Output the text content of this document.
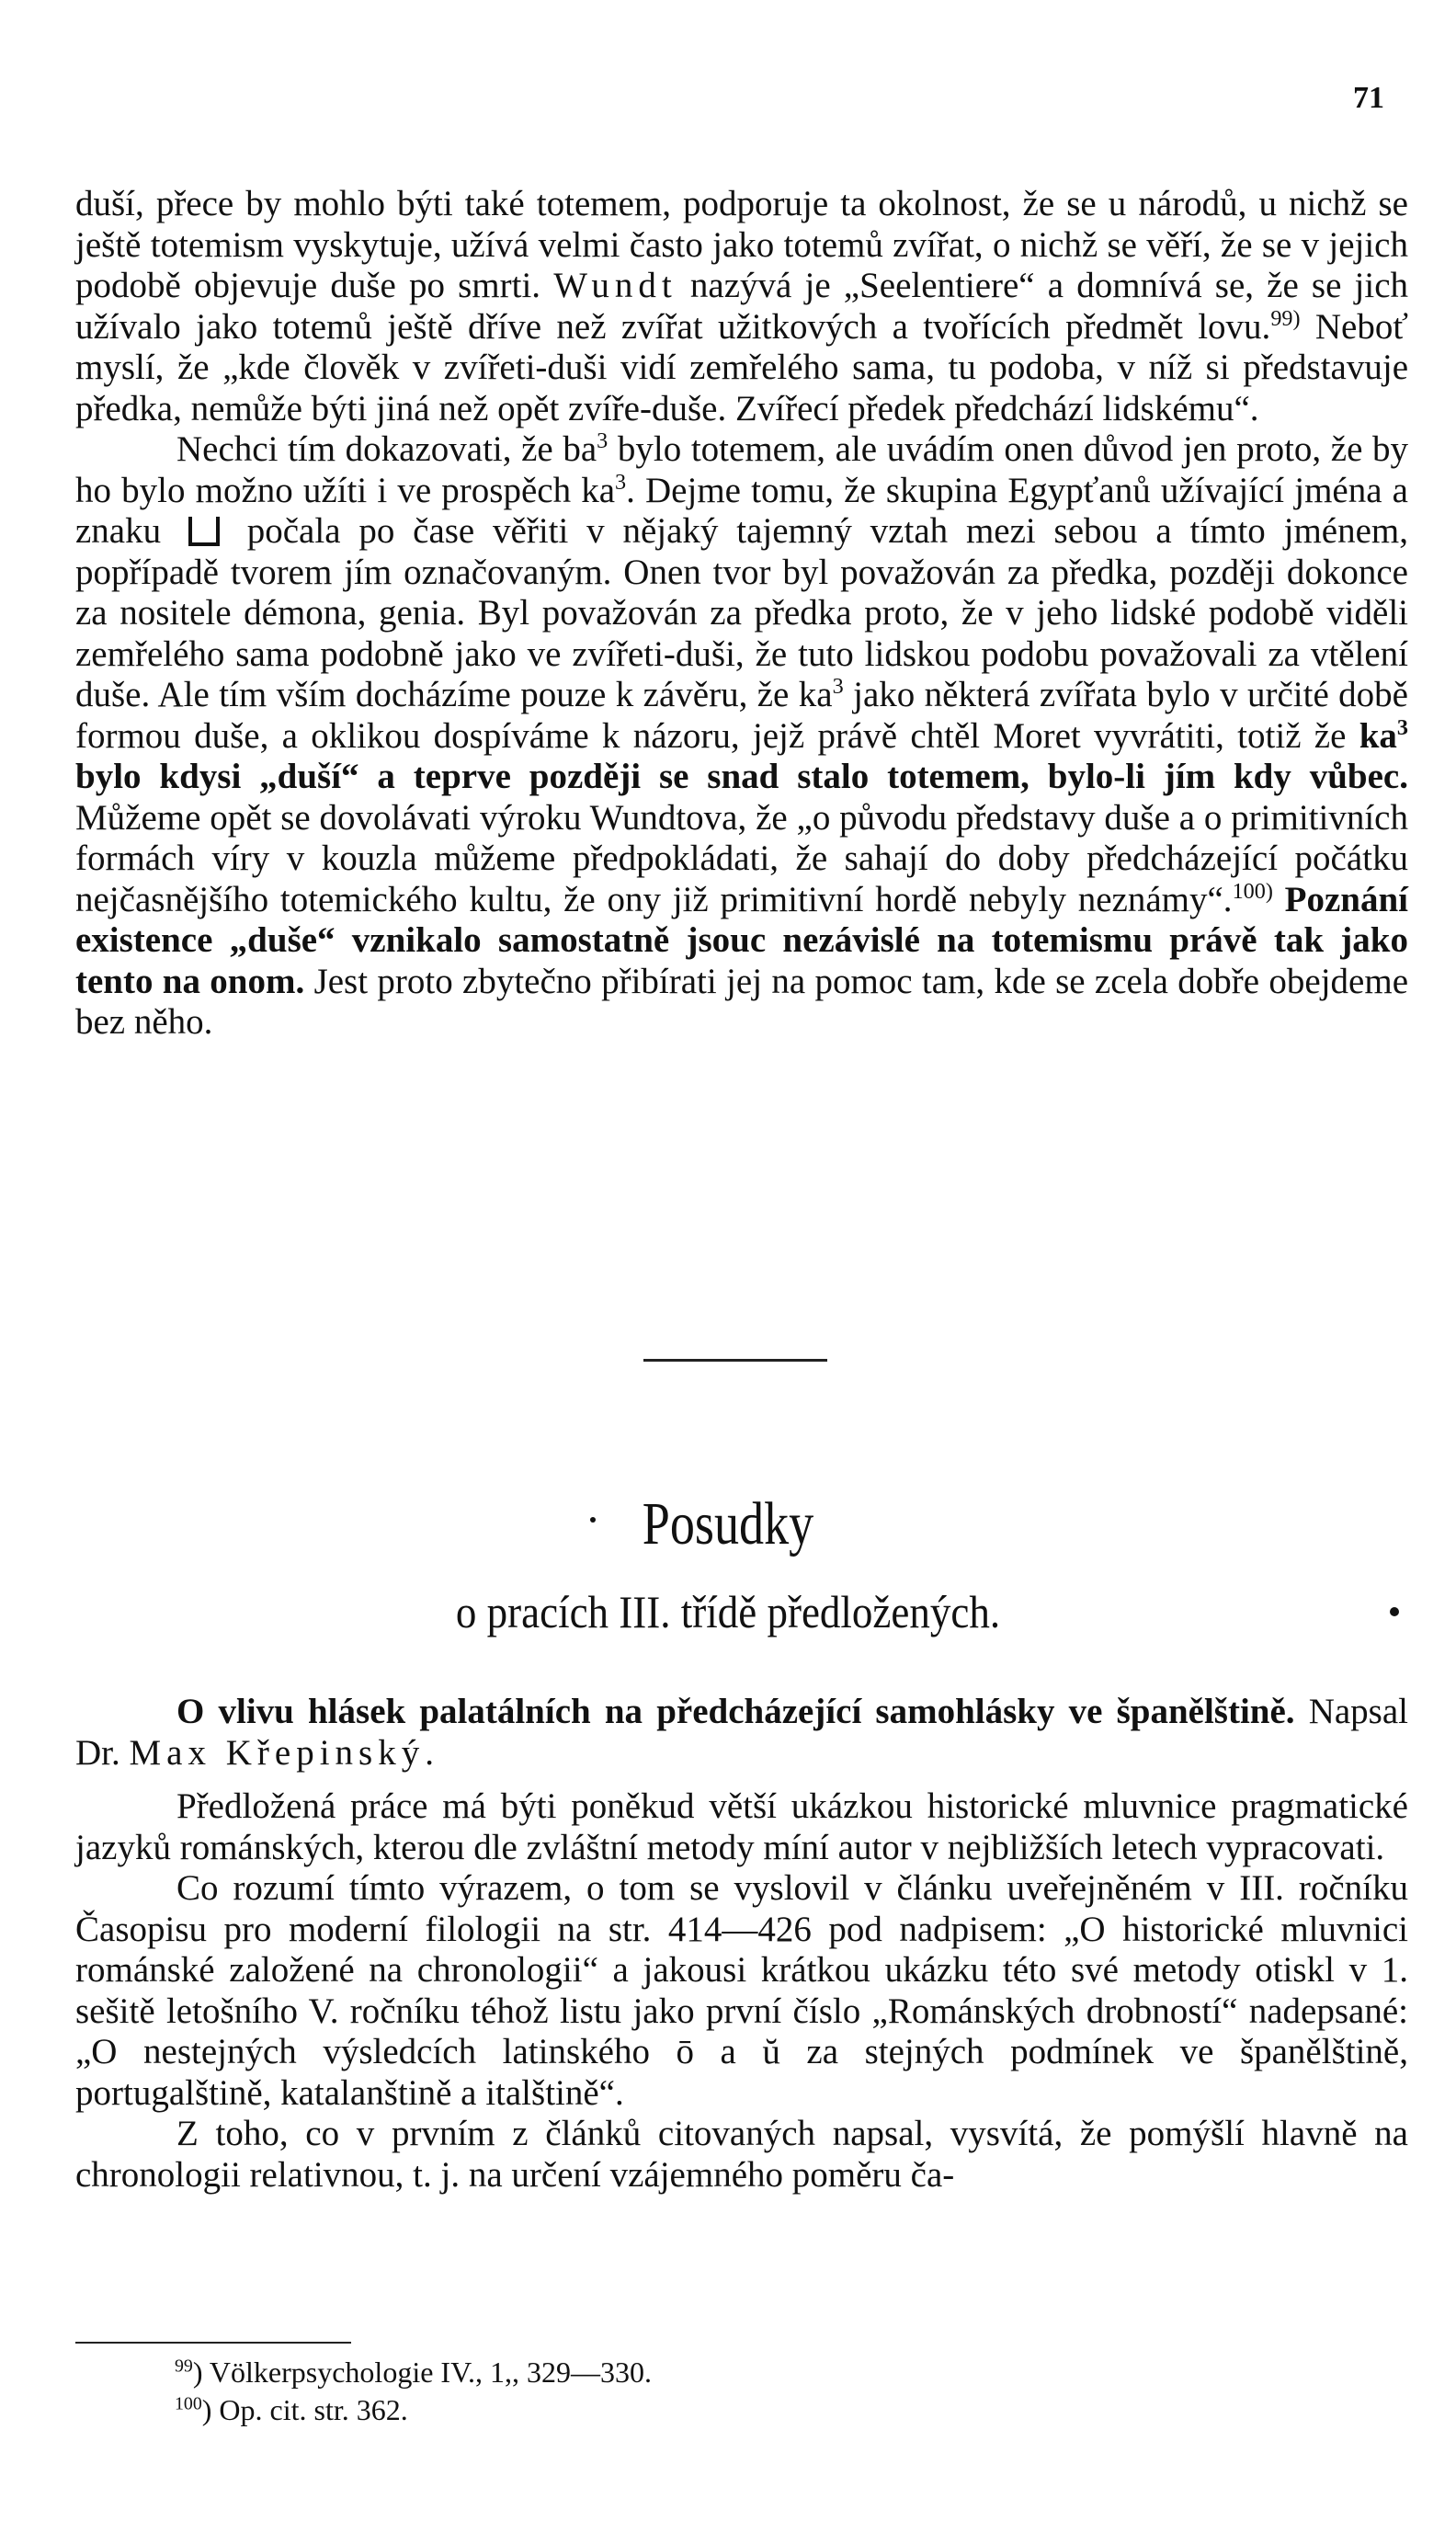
71

duší, přece by mohlo býti také totemem, podporuje ta okolnost, že se u národů, u nichž se ještě totemism vyskytuje, užívá velmi často jako totemů zvířat, o nichž se věří, že se v jejich podobě objevuje duše po smrti. Wundt nazývá je „Seelentiere“ a domnívá se, že se jich užívalo jako totemů ještě dříve než zvířat užitkových a tvořících předmět lovu.$^{99)}$ Neboť myslí, že „kde člověk v zvířeti-duši vidí zemřelého sama, tu podoba, v níž si představuje předka, nemůže býti jiná než opět zvíře-duše. Zvířecí předek předchází lidskému“.

Nechci tím dokazovati, že $ba^3$ bylo totemem, ale uvádím onen důvod jen proto, že by ho bylo možno užíti i ve prospěch $ka^3$. Dejme tomu, že skupina Egypťanů užívající jména a znaku počala po čase věřiti v nějaký tajemný vztah mezi sebou a tímto jménem, popřípadě tvorem jím označovaným. Onen tvor byl považován za předka, později dokonce za nositele démona, genia. Byl považován za předka proto, že v jeho lidské podobě viděli zemřelého sama podobně jako ve zvířeti-duši, že tuto lidskou podobu považovali za vtělení duše. Ale tím vším docházíme pouze k závěru, že $ka^3$ jako některá zvířata bylo v určité době formou duše, a oklikou dospíváme k názoru, jejž právě chtěl Moret vyvrátiti, totiž že $ka^3$ bylo kdysi „duší“ a teprve později se snad stalo totemem, bylo-li jím kdy vůbec. Můžeme opět se dovolávati výroku Wundtova, že „o původu představy duše a o primitivních formách víry v kouzla můžeme předpokládati, že sahají do doby předcházející počátku nejčasnějšího totemického kultu, že ony již primitivní hordě nebyly neznámy“.$^{100)}$ Poznání existence „duše“ vznikalo samostatně jsouc nezávislé na totemismu právě tak jako tento na onom. Jest proto zbytečno přibírati jej na pomoc tam, kde se zcela dobře obejdeme bez něho.

Posudky
o pracích III. třídě předložených.

O vlivu hlásek palatálních na předcházející samohlásky ve španělštině. Napsal Dr. Max Křepinský.

Předložená práce má býti poněkud větší ukázkou historické mluvnice pragmatické jazyků románských, kterou dle zvláštní metody míní autor v nejbližších letech vypracovati.

Co rozumí tímto výrazem, o tom se vyslovil v článku uveřejněném v III. ročníku Časopisu pro moderní filologii na str. 414—426 pod nadpisem: „O historické mluvnici románské založené na chronologii“ a jakousi krátkou ukázku této své metody otiskl v 1. sešitě letošního V. ročníku téhož listu jako první číslo „Románských drobností“ nadepsané: „O nestejných výsledcích latinského ō a ŭ za stejných podmínek ve španělštině, portugalštině, katalanštině a italštině“.

Z toho, co v prvním z článků citovaných napsal, vysvítá, že pomýšlí hlavně na chronologii relativnou, t. j. na určení vzájemného poměru ča-

$^{99}$) Völkerpsychologie IV., 1,, 329—330.

$^{100}$) Op. cit. str. 362.
